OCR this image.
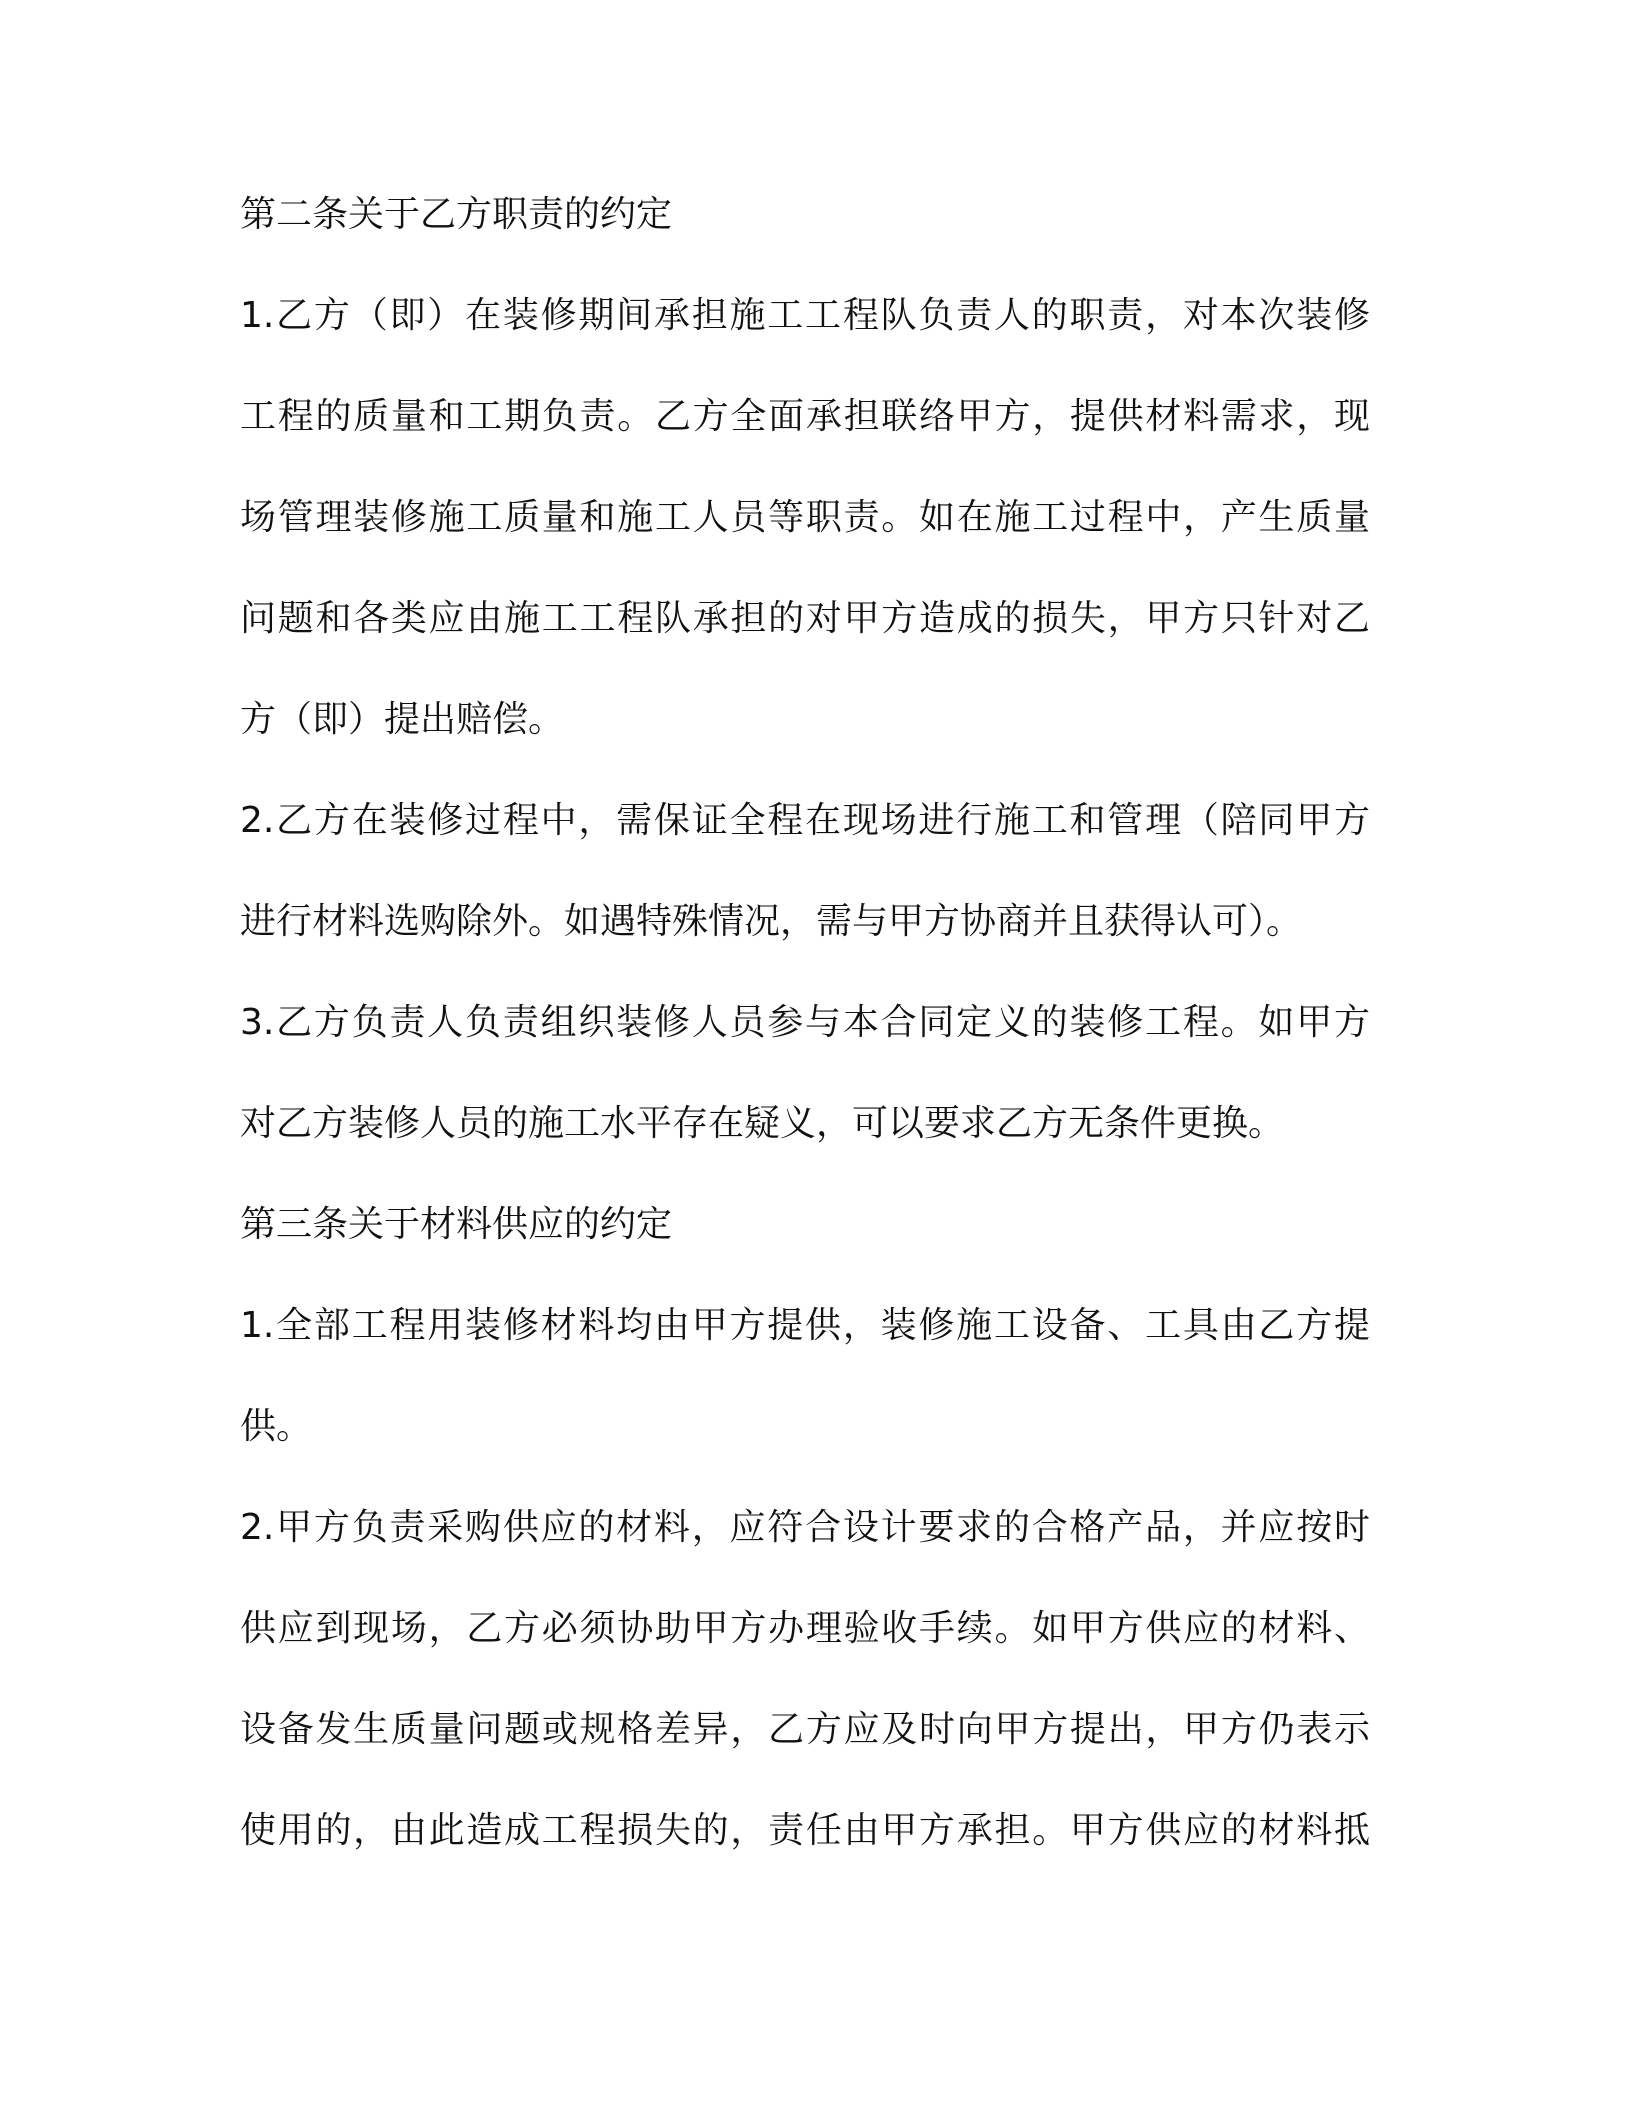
第二条关于乙方职责的约定
1.乙方（即）在装修期间承担施工工程队负责人的职责，对本次装修
工程的质量和工期负责。乙方全面承担联络甲方，提供材料需求，现
场管理装修施工质量和施工人员等职责。如在施工过程中，产生质量
问题和各类应由施工工程队承担的对甲方造成的损失，甲方只针对乙
方（即）提出赔偿。
2.乙方在装修过程中，需保证全程在现场进行施工和管理（陪同甲方
进行材料选购除外。如遇特殊情况，需与甲方协商并且获得认可）。
3.乙方负责人负责组织装修人员参与本合同定义的装修工程。如甲方
对乙方装修人员的施工水平存在疑义，可以要求乙方无条件更换。
第三条关于材料供应的约定
1.全部工程用装修材料均由甲方提供，装修施工设备、工具由乙方提
供。
2.甲方负责采购供应的材料，应符合设计要求的合格产品，并应按时
供应到现场，乙方必须协助甲方办理验收手续。如甲方供应的材料、
设备发生质量问题或规格差异，乙方应及时向甲方提出，甲方仍表示
使用的，由此造成工程损失的，责任由甲方承担。甲方供应的材料抵
